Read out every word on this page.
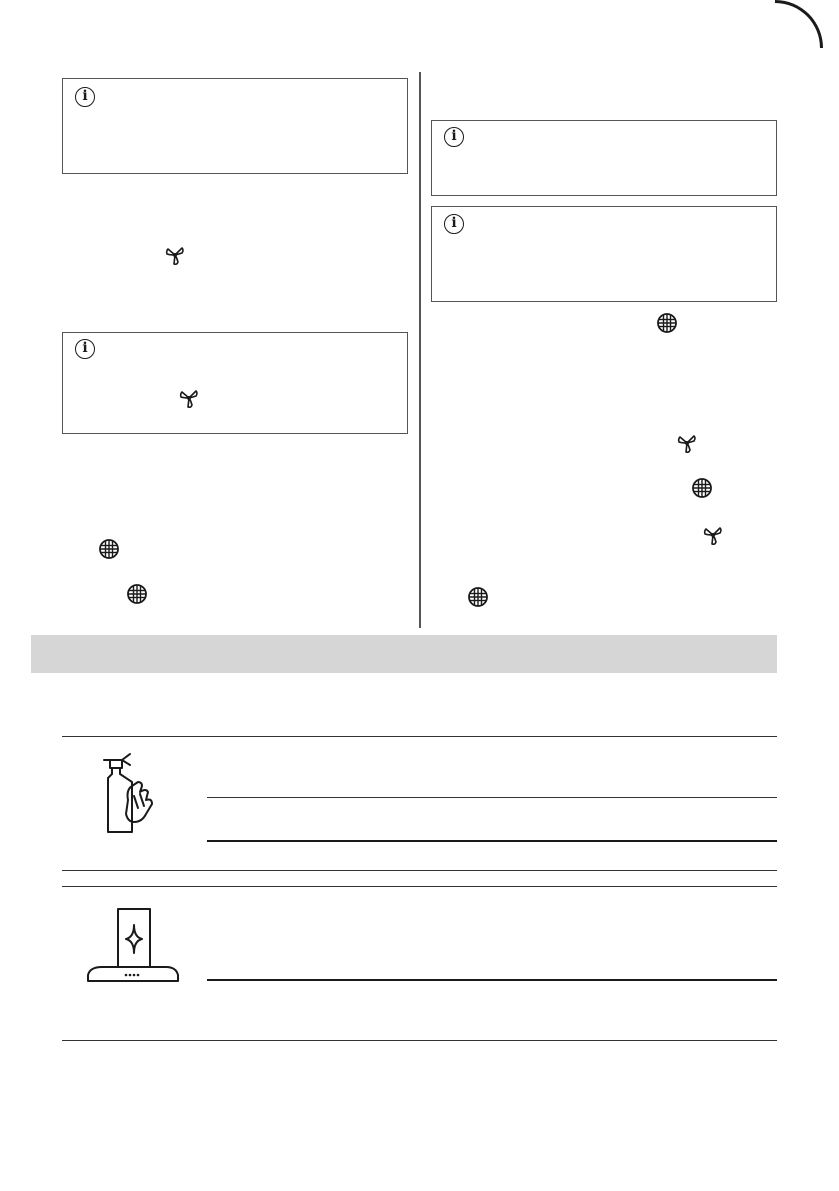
i
i
i
i
